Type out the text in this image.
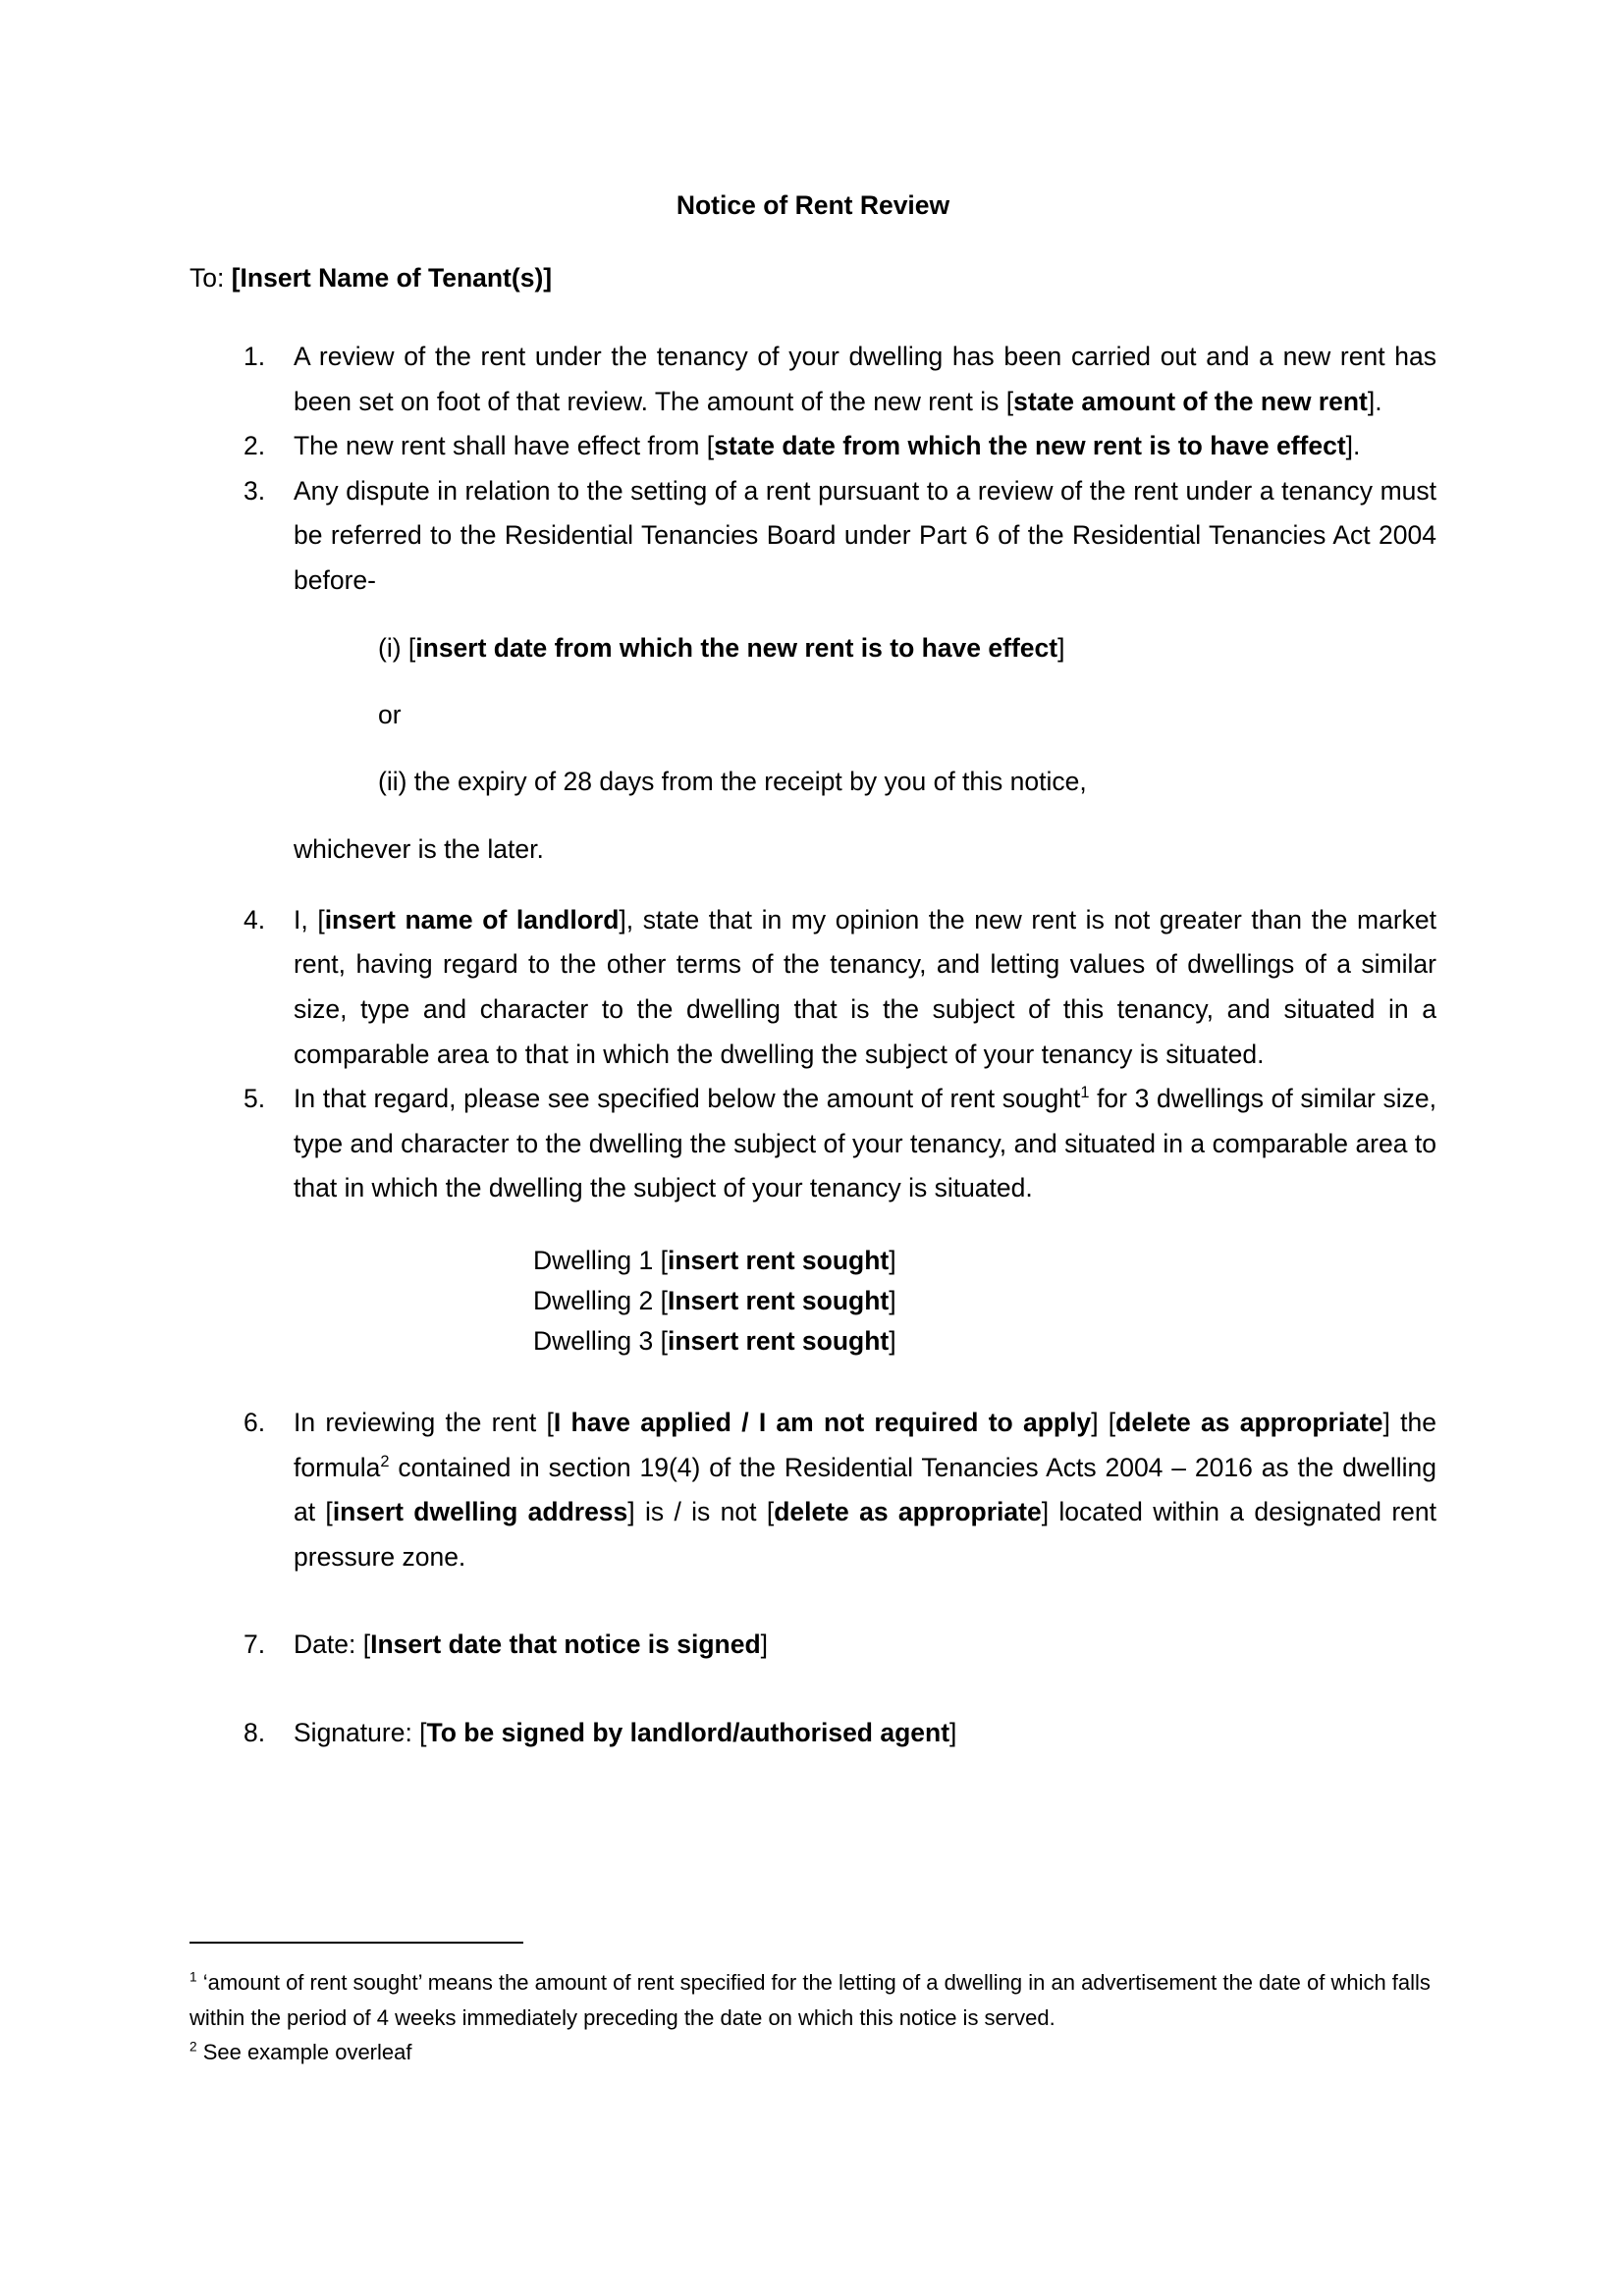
Notice of Rent Review
To: [Insert Name of Tenant(s)]
1.	A review of the rent under the tenancy of your dwelling has been carried out and a new rent has been set on foot of that review. The amount of the new rent is [state amount of the new rent].
2.	The new rent shall have effect from [state date from which the new rent is to have effect].
3.	Any dispute in relation to the setting of a rent pursuant to a review of the rent under a tenancy must be referred to the Residential Tenancies Board under Part 6 of the Residential Tenancies Act 2004 before-
(i) [insert date from which the new rent is to have effect]
or
(ii) the expiry of 28 days from the receipt by you of this notice,
whichever is the later.
4.	I, [insert name of landlord], state that in my opinion the new rent is not greater than the market rent, having regard to the other terms of the tenancy, and letting values of dwellings of a similar size, type and character to the dwelling that is the subject of this tenancy, and situated in a comparable area to that in which the dwelling the subject of your tenancy is situated.
5.	In that regard, please see specified below the amount of rent sought$^1$ for 3 dwellings of similar size, type and character to the dwelling the subject of your tenancy, and situated in a comparable area to that in which the dwelling the subject of your tenancy is situated.
Dwelling 1 [insert rent sought]
Dwelling 2 [Insert rent sought]
Dwelling 3 [insert rent sought]
6.	In reviewing the rent [I have applied / I am not required to apply] [delete as appropriate] the formula$^2$ contained in section 19(4) of the Residential Tenancies Acts 2004 – 2016 as the dwelling at [insert dwelling address] is / is not [delete as appropriate] located within a designated rent pressure zone.
7.	Date: [Insert date that notice is signed]
8.	Signature: [To be signed by landlord/authorised agent]

$^1$ ‘amount of rent sought’ means the amount of rent specified for the letting of a dwelling in an advertisement the date of which falls within the period of 4 weeks immediately preceding the date on which this notice is served.

$^2$ See example overleaf
